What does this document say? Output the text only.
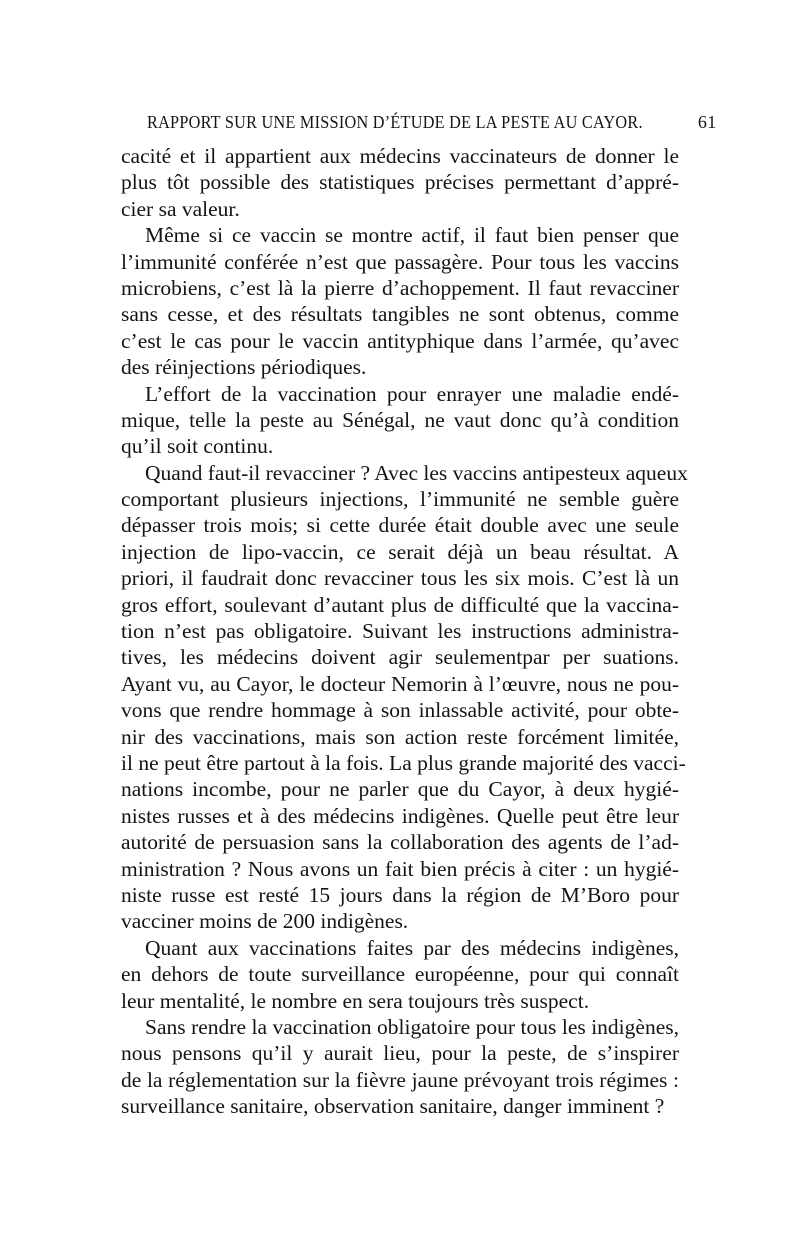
RAPPORT SUR UNE MISSION D’ÉTUDE DE LA PESTE AU CAYOR.	61
cacité et il appartient aux médecins vaccinateurs de donner le
plus tôt possible des statistiques précises permettant d’appré-
cier sa valeur.
Même si ce vaccin se montre actif, il faut bien penser que
l’immunité conférée n’est que passagère. Pour tous les vaccins
microbiens, c’est là la pierre d’achoppement. Il faut revacciner
sans cesse, et des résultats tangibles ne sont obtenus, comme
c’est le cas pour le vaccin antityphique dans l’armée, qu’avec
des réinjections périodiques.
L’effort de la vaccination pour enrayer une maladie endé-
mique, telle la peste au Sénégal, ne vaut donc qu’à condition
qu’il soit continu.
Quand faut-il revacciner ? Avec les vaccins antipesteux aqueux
comportant plusieurs injections, l’immunité ne semble guère
dépasser trois mois; si cette durée était double avec une seule
injection de lipo-vaccin, ce serait déjà un beau résultat. A
priori, il faudrait donc revacciner tous les six mois. C’est là un
gros effort, soulevant d’autant plus de difficulté que la vaccina-
tion n’est pas obligatoire. Suivant les instructions administra-
tives, les médecins doivent agir seulementpar per suations.
Ayant vu, au Cayor, le docteur Nemorin à l’œuvre, nous ne pou-
vons que rendre hommage à son inlassable activité, pour obte-
nir des vaccinations, mais son action reste forcément limitée,
il ne peut être partout à la fois. La plus grande majorité des vacci-
nations incombe, pour ne parler que du Cayor, à deux hygié-
nistes russes et à des médecins indigènes. Quelle peut être leur
autorité de persuasion sans la collaboration des agents de l’ad-
ministration ? Nous avons un fait bien précis à citer : un hygié-
niste russe est resté 15 jours dans la région de M’Boro pour
vacciner moins de 200 indigènes.
Quant aux vaccinations faites par des médecins indigènes,
en dehors de toute surveillance européenne, pour qui connaît
leur mentalité, le nombre en sera toujours très suspect.
Sans rendre la vaccination obligatoire pour tous les indigènes,
nous pensons qu’il y aurait lieu, pour la peste, de s’inspirer
de la réglementation sur la fièvre jaune prévoyant trois régimes :
surveillance sanitaire, observation sanitaire, danger imminent ?
